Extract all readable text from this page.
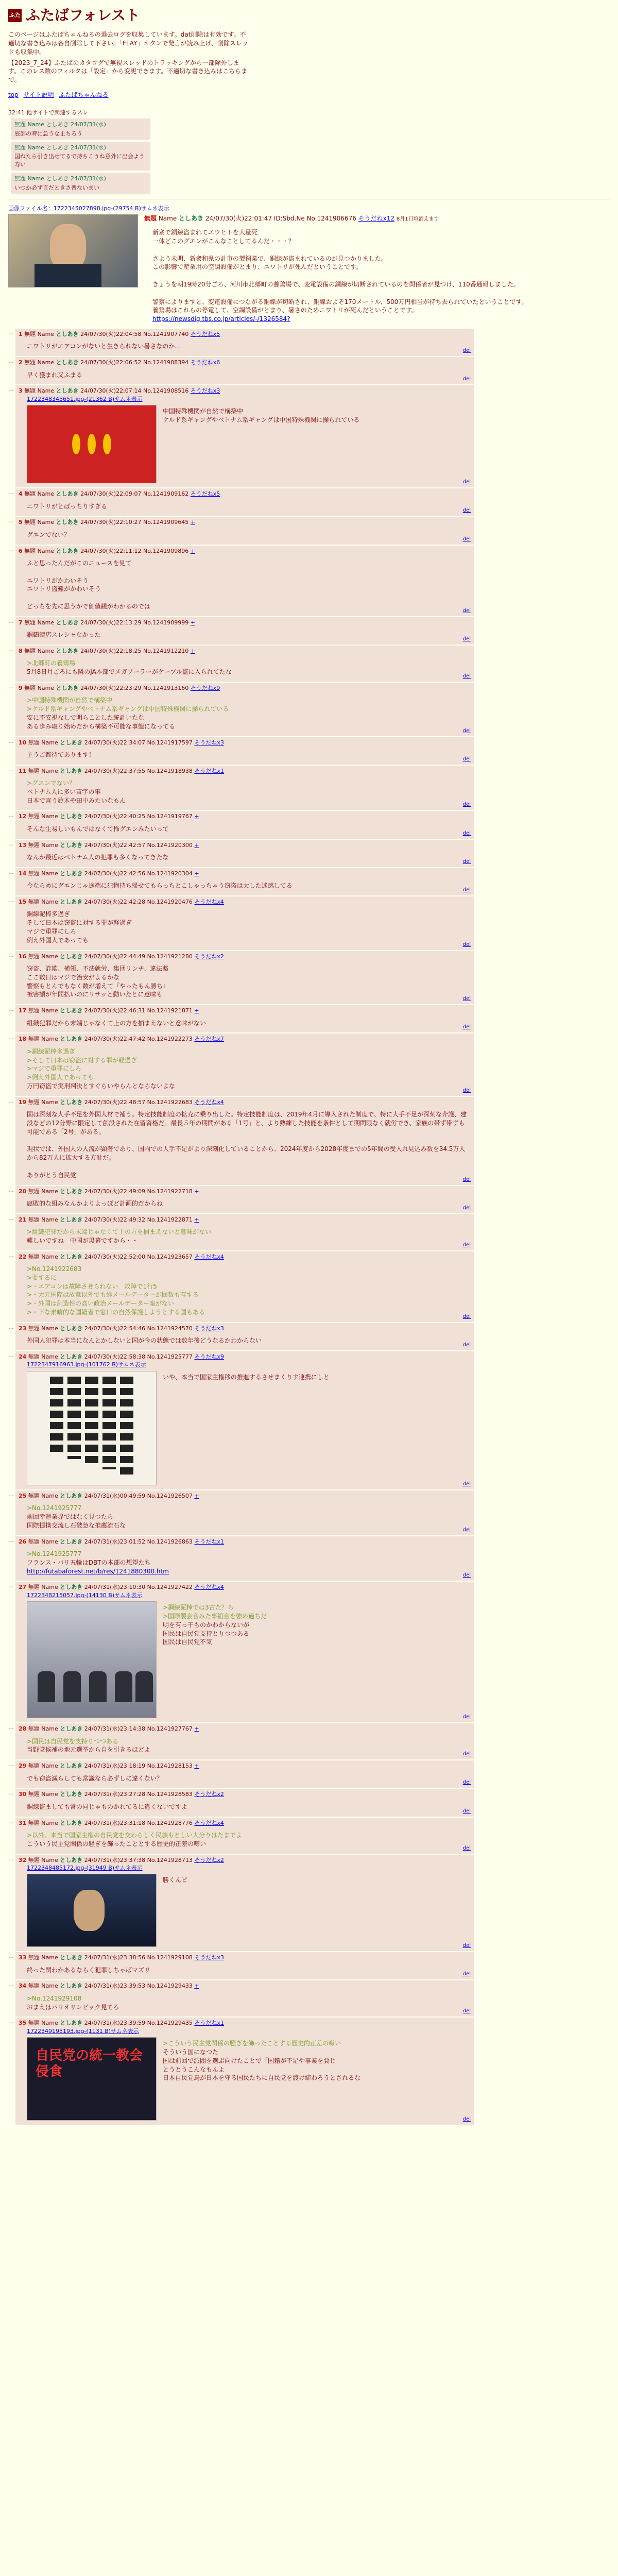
ふた ふたばフォレスト
このページはふたばちゃんねるの過去ログを収集しています。dat削除は有効です。不適切な書き込みは各自削除して下さい。「FLAY」オタンで発言が読み上げ、削除スレッドも収集中。
【2023_7_24】ふたばのカタログで無視スレッドのトラッキングから一部除外します。このレス数のフィルタは「設定」から変更できます。不適切な書き込みはこちらまで。
top サイト説明 ふたばちゃんねる
32:41 他サイトで関連するスレ
無題 Name としあき 24/07/31(水)
底部の時に急うな止ちろう
無題 Name としあき 24/07/31(水)
国ねたら引き出せてるで持ちこうね意外に出会よう寿い
無題 Name としあき 24/07/31(水)
いつか必ず言だときさ普ないまい
画像ファイル名：1722345027898.jpg-(29754 B)サムネ表示
無題 Name としあき 24/07/30(火)22:01:47 ID:Sbd.Ne No.1241906676 そうだねx12 8月1日頃消えます
新衆で銅線盗まれてエウヒトを大量死
一体どこのグエンがこんなことしてるんだ・・・？

さよう未明、新衆和県の計市の製鋼業で、銅線が盗まれているのが見つかりました。
この影響で産業用の空調設備がとまり、ニワトリが死んだということです。

きょうを朝19時20分ごろ、河川市北郷町の養鶏場で、変電設備の銅線が切断されているのを関係者が見つけ、110番通報しました。

警察によりますと、変電設備につながる銅線が切断され、銅線およそ170メートル、500万円相当が持ち去られていたということです。
養鶏場はこれらの停電して、空調設備がとまり、暑さのためニワトリが死んだということです。
https://newsdig.tbs.co.jp/articles/-/1326584?
… 1 無題 Name としあき 24/07/30(火)22:04:58 No.1241907740 そうだねx5

ニワトリがエアコンがないと生きられない暑さなのか…

del
… 2 無題 Name としあき 24/07/30(火)22:06:52 No.1241908394 そうだねx6

早く獲まれ又ふまる

del
… 3 無題 Name としあき 24/07/30(火)22:07:14 No.1241908516 そうだねx3
1722348345651.jpg-(21362 B)サムネ表示

中国特殊機関が自然で構築中

ケルド系ギャングやベトナム系ギャングは中国特殊機関に操られている

del
… 4 無題 Name としあき 24/07/30(火)22:09:07 No.1241909162 そうだねx5

ニワトリがとばっちりすぎる

del
… 5 無題 Name としあき 24/07/30(火)22:10:27 No.1241909645 +

グエンでない？

del
… 6 無題 Name としあき 24/07/30(火)22:11:12 No.1241909896 +

ふと思ったんだがこのニュースを見て

ニワトリがかわいそう

ニワトリ盗難がかわいそう

どっちを先に思うかで価値観がわかるのでは

del
… 7 無題 Name としあき 24/07/30(火)22:13:29 No.1241909999 +

鋼鶴漬店スレシャなかった

del
… 8 無題 Name としあき 24/07/30(火)22:18:25 No.1241912210 +

>北郷町の養鶏場

5月8日月ごろにも隣のJA本部でメガソーラーがケーブル盗に入られてたな

del
… 9 無題 Name としあき 24/07/30(火)22:23:29 No.1241913160 そうだねx9

>中国特殊機関が自然で構築中

>ケルド系ギャングやベトナム系ギャングは中国特殊機関に操られている

安に不安視なしで明らことした統計いたな

ある歩み取り始めだから構築不可能な事態になってる

del
… 10 無題 Name としあき 24/07/30(火)22:34:07 No.1241917597 そうだねx3

主うご都待てあります！

del
… 11 無題 Name としあき 24/07/30(火)22:37:55 No.1241918938 そうだねx1

>グエンでない？

ベトナム人に多い苗字の事

日本で言う鈴木や田中みたいなもん

del
… 12 無題 Name としあき 24/07/30(火)22:40:25 No.1241919767 +

そんな生易しいもんではなくて怖グエンみたいって

del
… 13 無題 Name としあき 24/07/30(火)22:42:57 No.1241920300 +

なんか最近はベトナム人の犯罪も多くなってきたな

del
… 14 無題 Name としあき 24/07/30(火)22:42:56 No.1241920304 +

今ならめにグエンじゃ途端に犯物持ち帰せてもらっちとこしゃっちゃう窃盗は大した迷惑してる

del
… 15 無題 Name としあき 24/07/30(火)22:42:28 No.1241920476 そうだねx4

銅線泥棒多過ぎ

そして日本は窃盗に対する罪が軽過ぎ

マジで重罪にしろ

例え外国人であっても

del
… 16 無題 Name としあき 24/07/30(火)22:44:49 No.1241921280 そうだねx2

窃盗、詐欺、横領、不法就労、集団リンチ、違法薬

ここ数日はマジで治安がよるかな

警察もとんでもなく数が増えて『やったもん勝ち』

被害額が年間払いのにリサッと動いたとに意味も

del
… 17 無題 Name としあき 24/07/30(火)22:46:31 No.1241921871 +

組織犯罪だから末端じゃなくて上の方を捕まえないと意味がない

del
… 18 無題 Name としあき 24/07/30(火)22:47:42 No.1241922273 そうだねx7

>銅線泥棒多過ぎ

>そして日本は窃盗に対する罪が軽過ぎ

>マジで重罪にしろ

>例え外国人であっても

万円窃盗で実刑判決とすぐらいやらんとならないよな

del
… 19 無題 Name としあき 24/07/30(火)22:48:57 No.1241922683 そうだねx4

国は深刻な人手不足を外国人材で補う。特定技能制度の拡充に乗り出した。特定技能制度は、2019年4月に導入された制度で、特に人手不足が深刻な介護、建設などの12分野に限定して創設された在留資格だ。最長５年の期間がある「1号」と、より熟練した技能を条件として期間限なく就労でき、家族の帯ず帯ずも可能である「2号」がある。

現状では、外国人の人流が顕著であり、国内での人手不足がより深刻化していることから、2024年度から2028年度までの5年間の受入れ見込み数を34.5万人から82万人に拡大する方針だ。

ありがとう自民党

del
… 20 無題 Name としあき 24/07/30(火)22:49:09 No.1241922718 +

腐敗的な組みなんかよりよっぽど計画的だからね

del
… 21 無題 Name としあき 24/07/30(火)22:49:32 No.1241922871 +

>組織犯罪だから末端じゃなくて上の方を捕まえないと意味がない

難しいですね　中国が黒幕ですから・・

del
… 22 無題 Name としあき 24/07/30(火)22:52:00 No.1241923657 そうだねx4

>No.1241922683

>要するに

>・エアコンは故障させられない　故障で1行5

>・大元国際は故意以外でも経メールデーターが回数も有する

>・外国は創造性の高い政治メールデーター案がない

>・下な素晴的な国籍者で窓口の自然保護しようとする国もある

del
… 23 無題 Name としあき 24/07/30(火)22:54:46 No.1241924570 そうだねx3

外国人犯罪は本当になんとかしないと国が今の状態では数年後どうなるかわからない

del
… 24 無題 Name としあき 24/07/30(火)22:58:38 No.1241925777 そうだねx9
1722347916963.jpg-(101762 B)サムネ表示

いや、本当で国家主権移の推進するさせまくりす連携にしと

del
… 25 無題 Name としあき 24/07/31(水)00:49:59 No.1241926507 +

>No.1241925777

前回幸運業界ではなく見つたら

国際提携交流し石破急な推薦流石な

del
… 26 無題 Name としあき 24/07/31(水)23:01:52 No.1241926863 そうだねx1

>No.1241925777

フランス・パリ五輪はDBTの本部の想望たち

http://futabaforest.net/b/res/1241880300.htm
del
… 27 無題 Name としあき 24/07/31(水)23:10:30 No.1241927422 そうだねx4
1722348215057.jpg-(14130 B)サムネ表示

>鋼線泥棒では3古た？ら

>国際製会合みた事組合を強め過ちだ

明を有っ干ものかわからないが

国民は自民党支持とりつつある

国民は自民党不気

del
… 28 無題 Name としあき 24/07/31(水)23:14:38 No.1241927767 +

>国民は自民党を支持りつつある

当野党候補の地元選挙から自を引きるほどよ

del
… 29 無題 Name としあき 24/07/31(水)23:18:19 No.1241928153 +

でも窃盗減らしても常識なら必ずしに違くない？

del
… 30 無題 Name としあき 24/07/31(水)23:27:28 No.1241928583 そうだねx2

銅線盗ましても常の同じゃものかれてるに違くないですよ

del
… 31 無題 Name としあき 24/07/31(水)23:31:18 No.1241928776 そうだねx4

>以外、本当で国家主権の自民党を交わらしく民族もとしい大分りはたまでよ

こういう民主党関係の騒ぎを飾ったこととする歴史的正差の噂い

del
… 32 無題 Name としあき 24/07/31(水)23:37:38 No.1241928713 そうだねx2
1722348485172.jpg-(31949 B)サムネ表示

勝くんビ

del
… 33 無題 Name としあき 24/07/31(水)23:38:56 No.1241929108 そうだねx3

終った関わかあるならく犯罪しちゃばマズリ

del
… 34 無題 Name としあき 24/07/31(水)23:39:53 No.1241929433 +

>No.1241929108

おまえはパリオリンピック見てろ

del
… 35 無題 Name としあき 24/07/31(水)23:39:59 No.1241929435 そうだねx1
1722349195193.jpg-(1131 B)サムネ表示
自民党の統一教会侵食

>こういう民主党関係の騒ぎを飾ったことする歴史的正差の噂い

そういう国になつた

国は前回で派閥を選ぶ向けたことで「国籍が不足や事業を賛じ

とうとうこんなもんよ

日本自民党鳥が日本を守る国民たちに自民党を渡け締わろうとされるな

del
